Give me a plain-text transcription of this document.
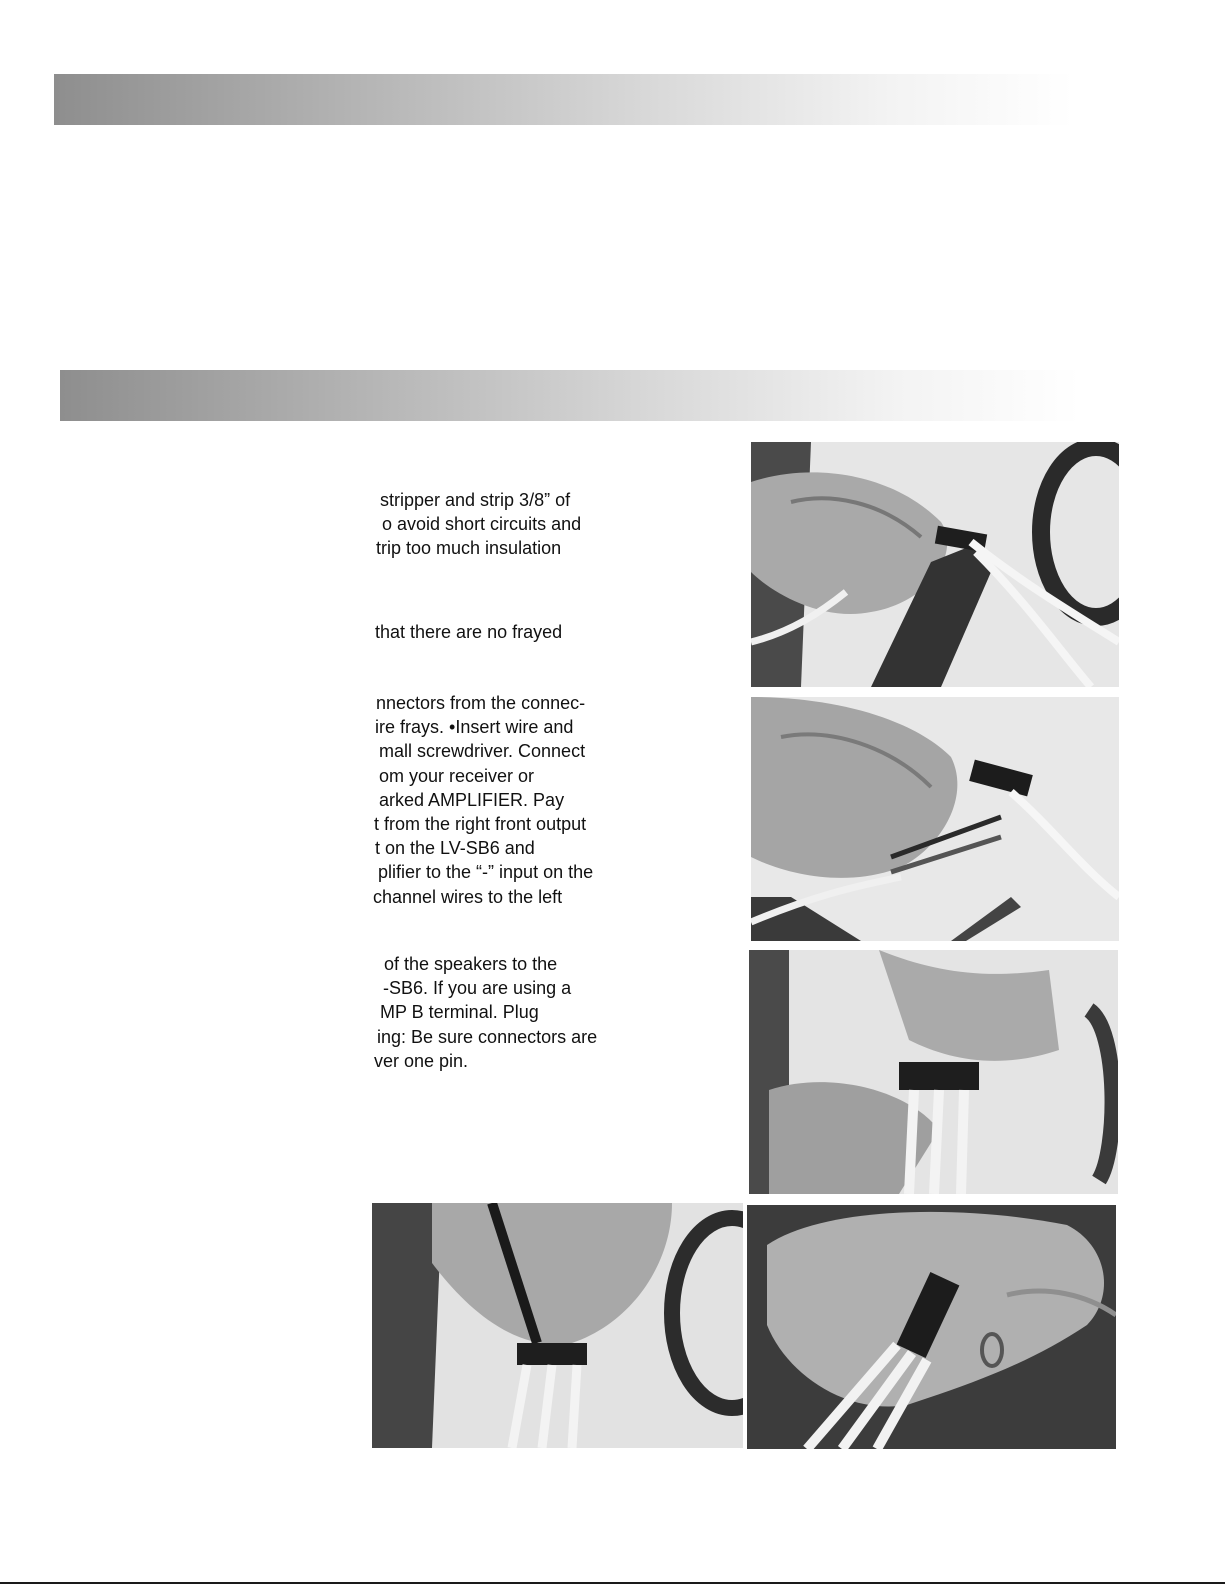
stripper and strip 3/8” of
o avoid short circuits and
trip too much insulation
that there are no frayed
nnectors from the connec-
ire frays. •Insert wire and
mall screwdriver. Connect
om your receiver or
arked AMPLIFIER. Pay
t from the right front output
t on the LV-SB6 and
plifier to the “-” input on the
channel wires to the left
of the speakers to the
-SB6. If you are using a
MP B terminal. Plug
ing: Be sure connectors are
ver one pin.
